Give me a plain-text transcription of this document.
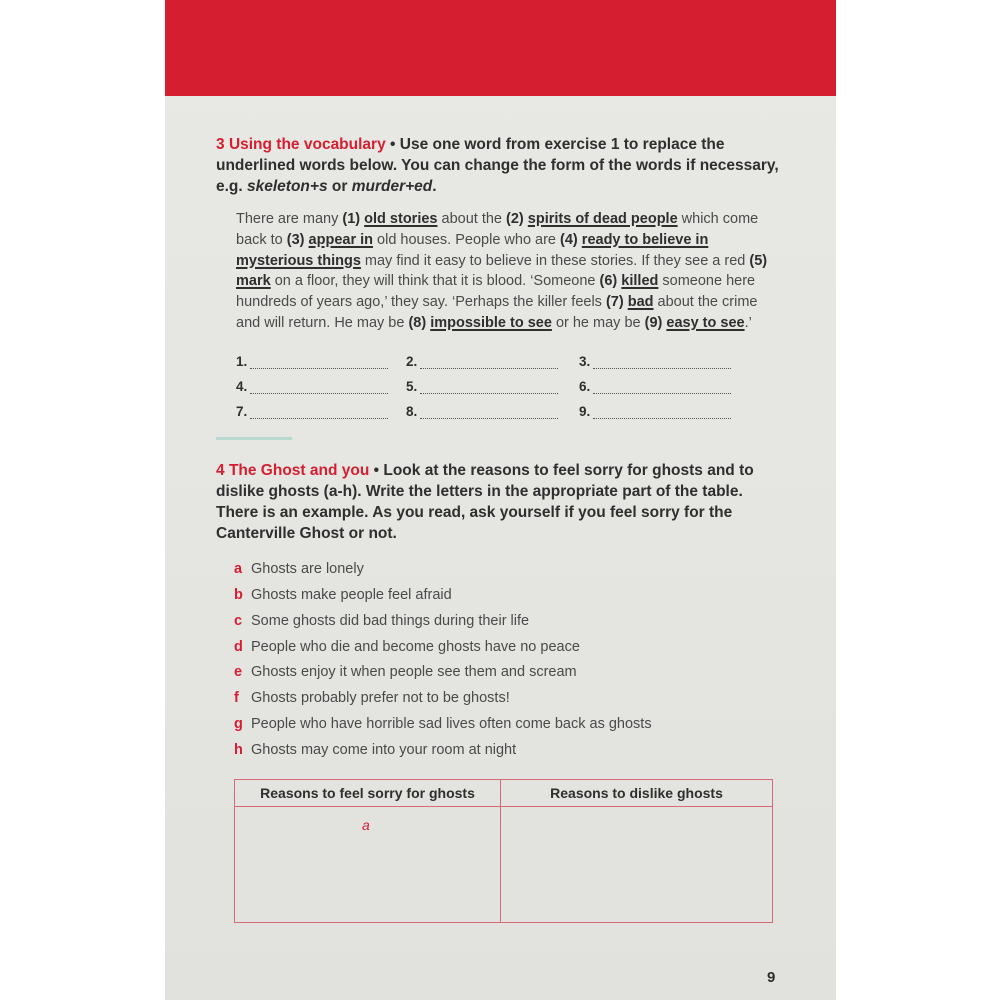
3 Using the vocabulary • Use one word from exercise 1 to replace the underlined words below. You can change the form of the words if necessary, e.g. skeleton+s or murder+ed.

There are many (1) old stories about the (2) spirits of dead people which come back to (3) appear in old houses. People who are (4) ready to believe in mysterious things may find it easy to believe in these stories. If they see a red (5) mark on a floor, they will think that it is blood. ‘Someone (6) killed someone here hundreds of years ago,’ they say. ‘Perhaps the killer feels (7) bad about the crime and will return. He may be (8) impossible to see or he may be (9) easy to see.’

1.	2.	3.
4.	5.	6.
7.	8.	9.

4 The Ghost and you • Look at the reasons to feel sorry for ghosts and to dislike ghosts (a-h). Write the letters in the appropriate part of the table. There is an example. As you read, ask yourself if you feel sorry for the Canterville Ghost or not.

a Ghosts are lonely
b Ghosts make people feel afraid
c Some ghosts did bad things during their life
d People who die and become ghosts have no peace
e Ghosts enjoy it when people see them and scream
f Ghosts probably prefer not to be ghosts!
g People who have horrible sad lives often come back as ghosts
h Ghosts may come into your room at night
Reasons to feel sorry for ghosts	Reasons to dislike ghosts
a
9
